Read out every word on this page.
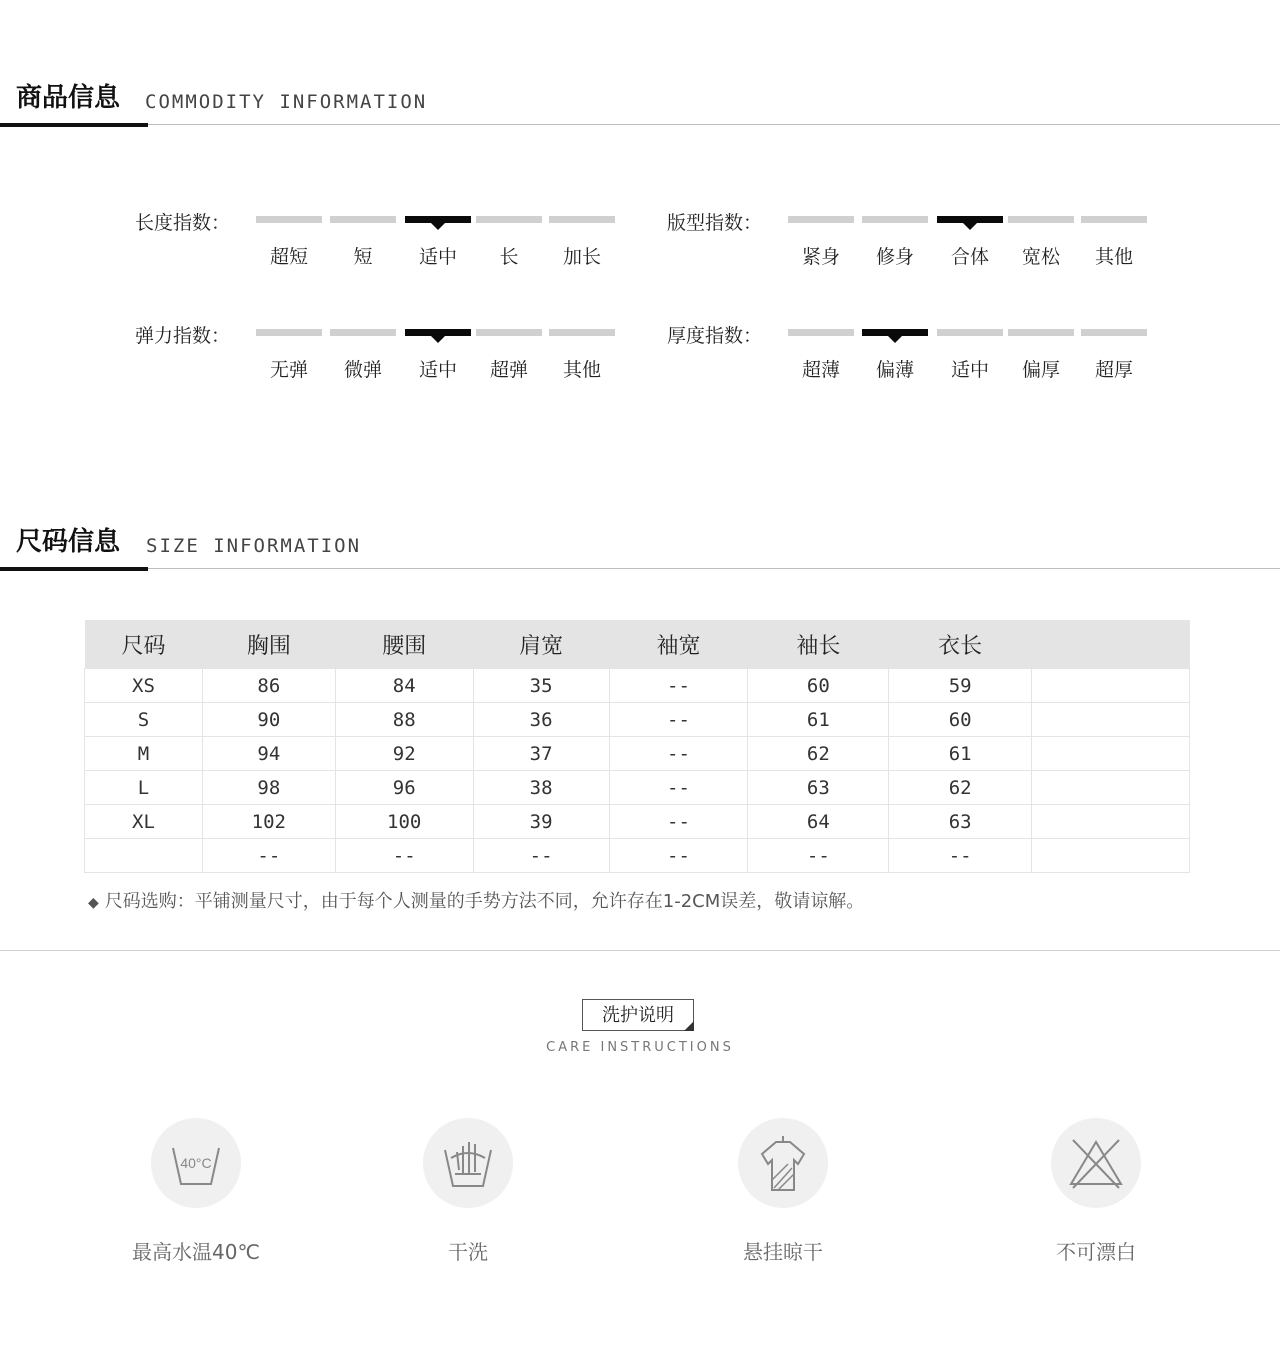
商品信息 COMMODITY INFORMATION
长度指数：
超短	短	适中	长	加长
版型指数：
紧身	修身	合体	宽松	其他
弹力指数：
无弹	微弹	适中	超弹	其他
厚度指数：
超薄	偏薄	适中	偏厚	超厚
尺码信息 SIZE INFORMATION
尺码	胸围	腰围	肩宽	袖宽	袖长	衣长	
XS	86	84	35	--	60	59	
S	90	88	36	--	61	60	
M	94	92	37	--	62	61	
L	98	96	38	--	63	62	
XL	102	100	39	--	64	63	
	--	--	--	--	--	--	
◆ 尺码选购：平铺测量尺寸，由于每个人测量的手势方法不同，允许存在1-2CM误差，敬请谅解。
洗护说明
CARE INSTRUCTIONS
40°C
最高水温40℃	干洗	悬挂晾干	不可漂白
